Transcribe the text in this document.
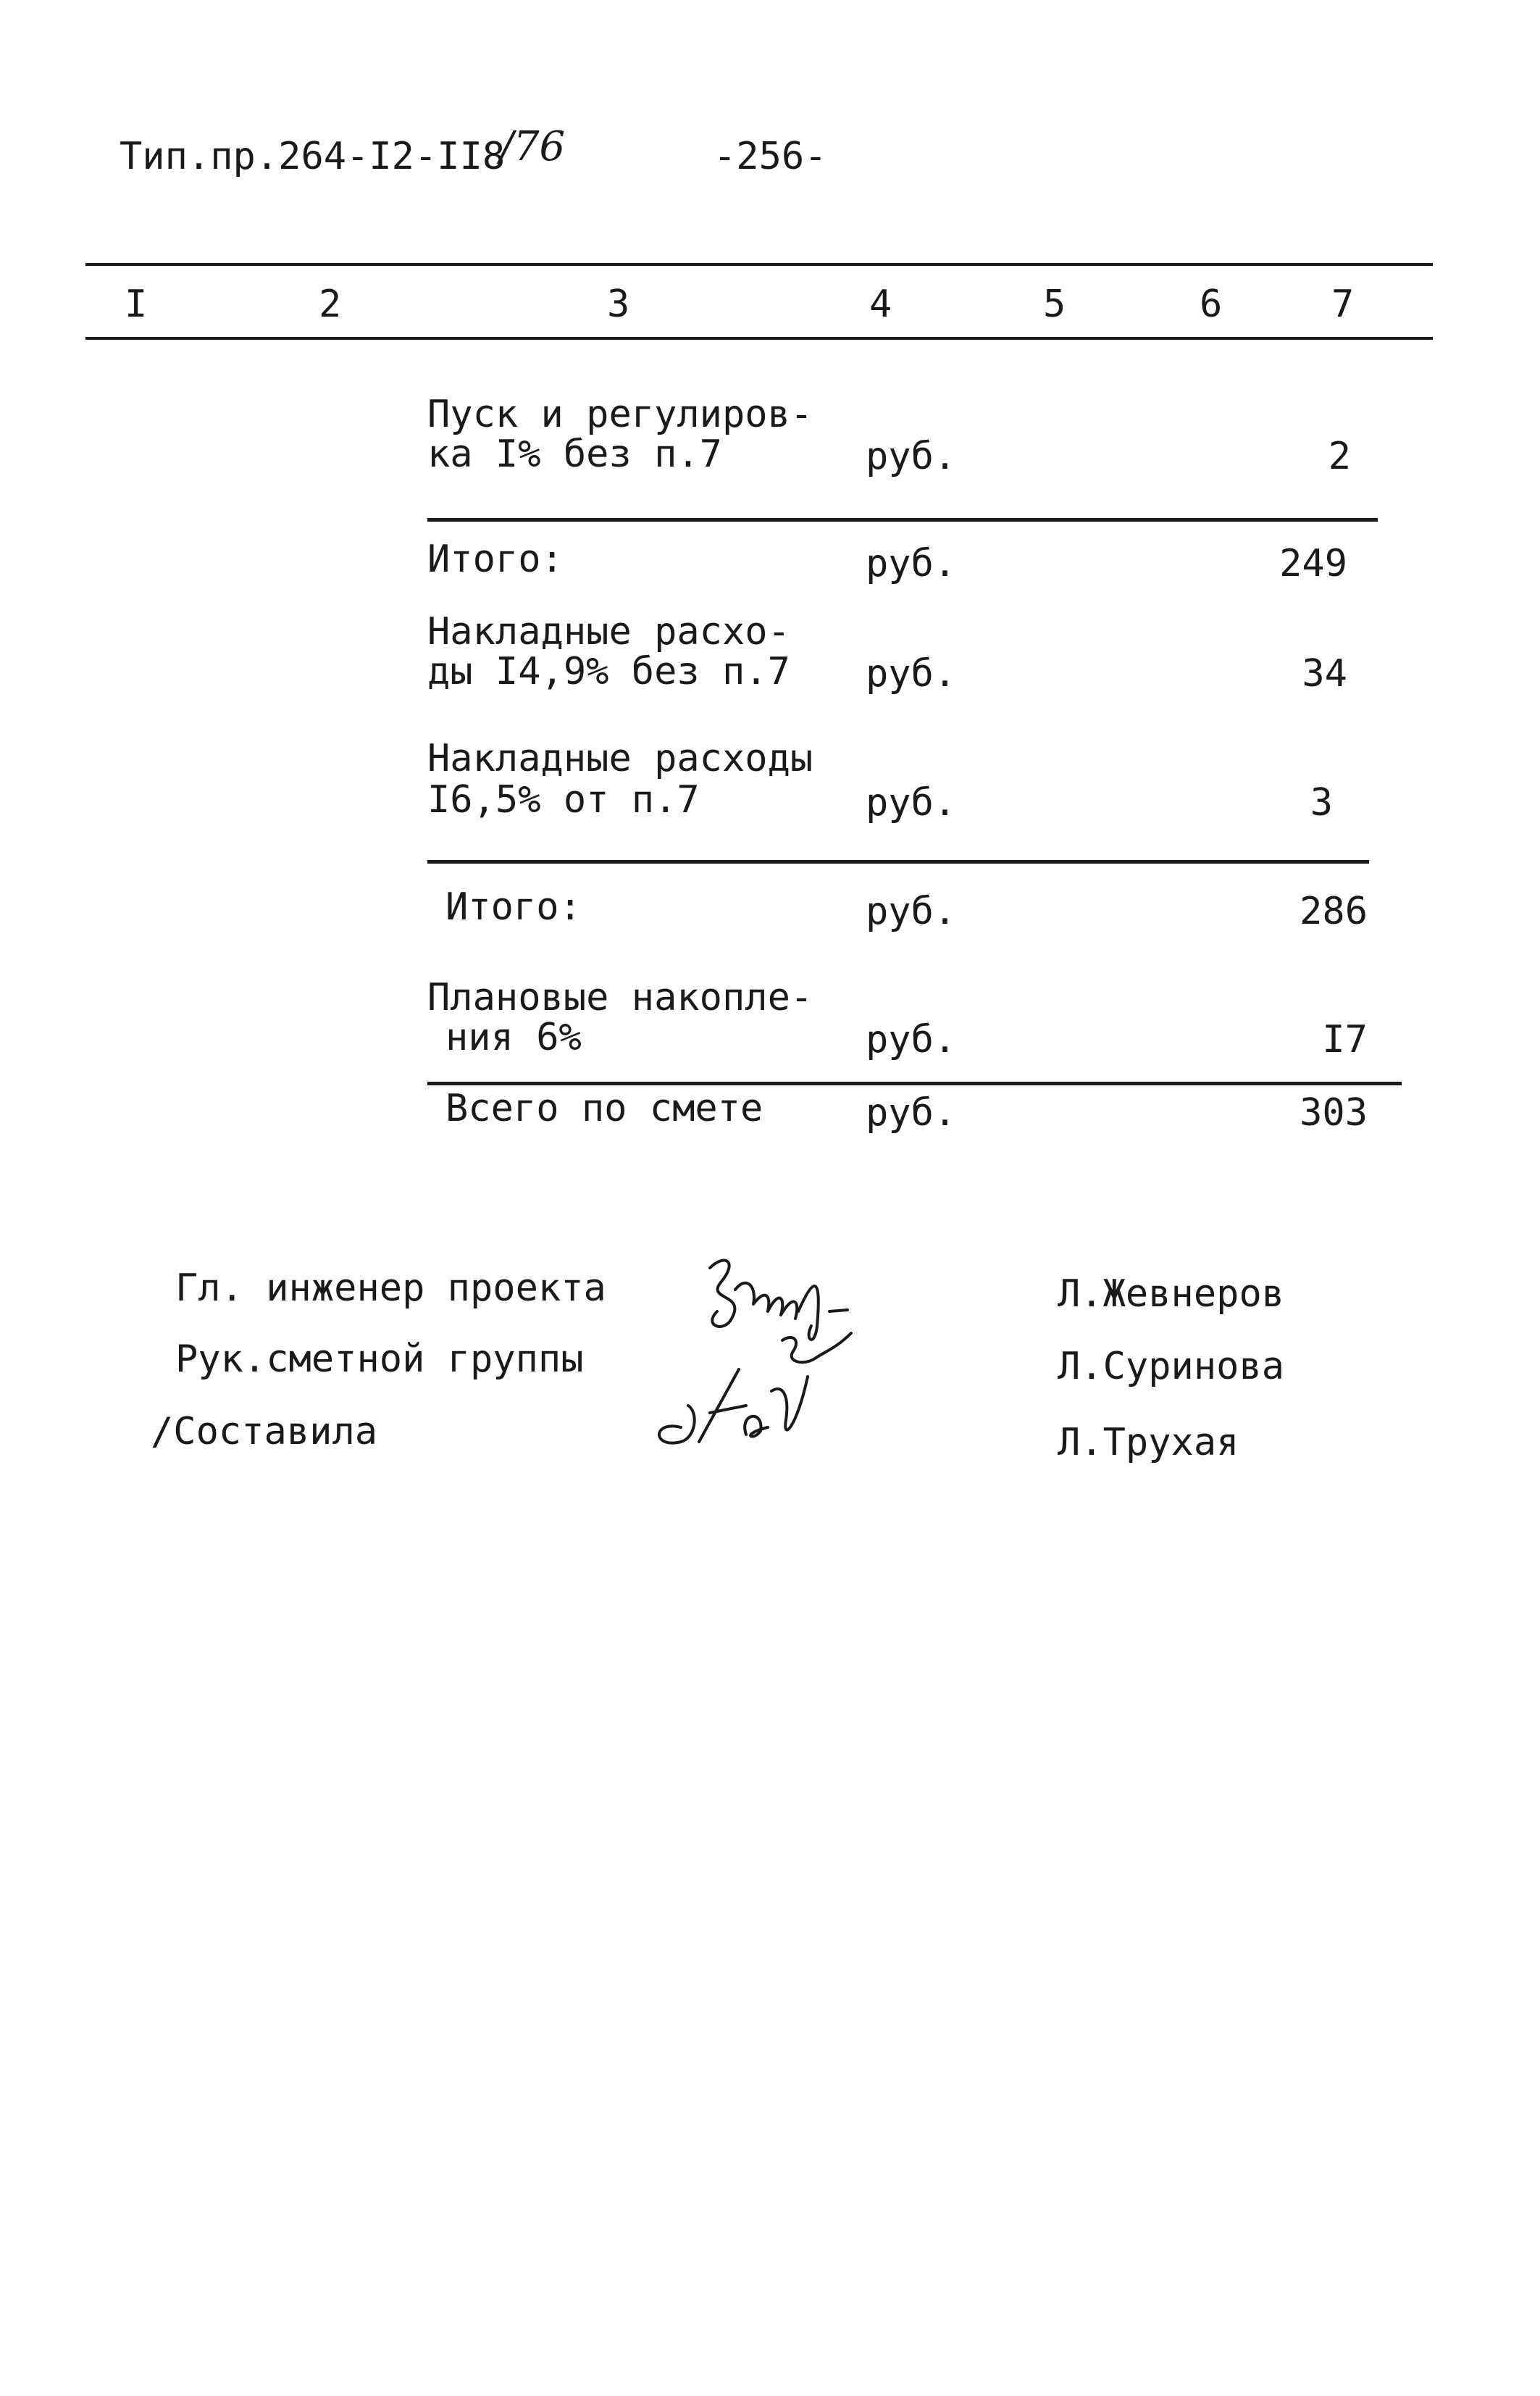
Тип.пр.264-I2-II8
/76	-256-
I	2	3	4	5	6	7
Пуск и регулиров-
ка I% без п.7	руб.	2
Итого:	руб.	249
Накладные расхо-
ды I4,9% без п.7 руб.	34
Накладные расходы
I6,5% от п.7	руб.	3
Итого:	руб.	286
Плановые накопле-
ния 6%	руб.	I7
Всего по смете	руб.	303
Гл. инженер проекта
Рук.сметной группы
/Составила
Л.Жевнеров
Л.Суринова
Л.Трухая
